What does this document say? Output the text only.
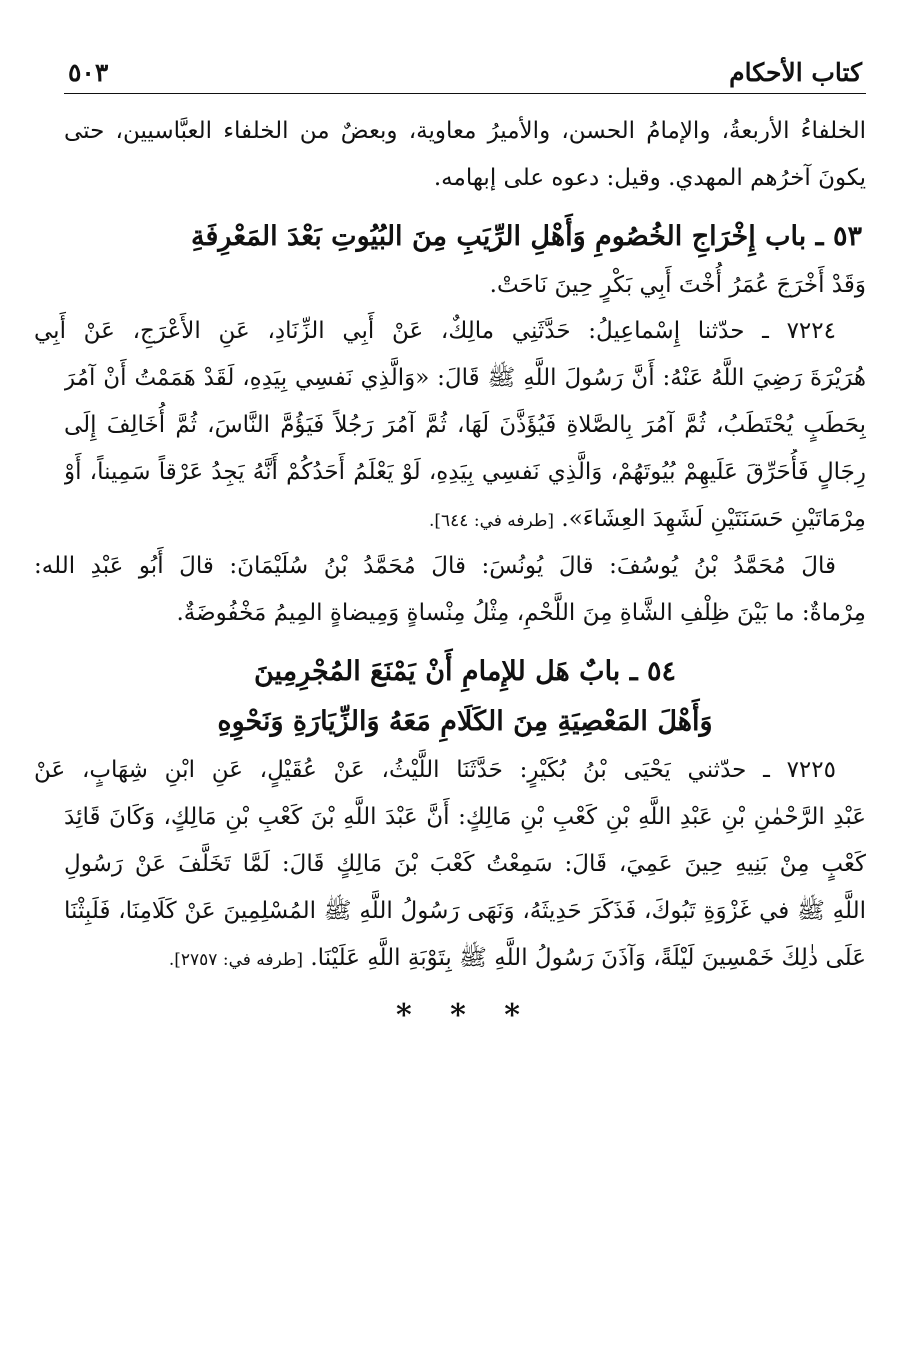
كتاب الأحكام
٥٠٣
الخلفاءُ الأربعةُ، والإمامُ الحسن، والأميرُ معاوية، وبعضٌ من الخلفاء العبَّاسيين، حتى
يكونَ آخرُهم المهدي. وقيل: دعوه على إبهامه.
٥٣ ـ باب إِخْرَاجِ الخُصُومِ وَأَهْلِ الرِّيَبِ مِنَ البُيُوتِ بَعْدَ المَعْرِفَةِ
وَقَدْ أَخْرَجَ عُمَرُ أُخْتَ أَبِي بَكْرٍ حِينَ نَاحَتْ.
٧٢٢٤ ـ حدّثنا إِسْماعِيلُ: حَدَّثَنِي مالِكٌ، عَنْ أَبِي الزِّنَادِ، عَنِ الأَعْرَجِ، عَنْ أَبِي
هُرَيْرَةَ رَضِيَ اللَّهُ عَنْهُ: أَنَّ رَسُولَ اللَّهِ ﷺ قَالَ: «وَالَّذِي نَفسِي بِيَدِهِ، لَقَدْ هَمَمْتُ أَنْ آمُرَ
بِحَطَبٍ يُحْتَطَبُ، ثُمَّ آمُرَ بِالصَّلاةِ فَيُؤَذَّنَ لَهَا، ثُمَّ آمُرَ رَجُلاً فَيَؤُمَّ النَّاسَ، ثُمَّ أُخَالِفَ إِلَى
رِجَالٍ فَأُحَرِّقَ عَلَيهِمْ بُيُوتَهُمْ، وَالَّذِي نَفسِي بِيَدِهِ، لَوْ يَعْلَمُ أَحَدُكُمْ أَنَّهُ يَجِدُ عَرْقاً سَمِيناً، أَوْ
مِرْمَاتَيْنِ حَسَنَتَيْنِ لَشَهِدَ العِشَاءَ». [طرفه في: ٦٤٤].
قالَ مُحَمَّدُ بْنُ يُوسُفَ: قالَ يُونُسَ: قالَ مُحَمَّدُ بْنُ سُلَيْمَانَ: قالَ أَبُو عَبْدِ الله:
مِرْماةٌ: ما بَيْنَ ظِلْفِ الشَّاةِ مِنَ اللَّحْمِ، مِثْلُ مِنْساةٍ وَمِيضاةٍ المِيمُ مَخْفُوضَةٌ.
٥٤ ـ بابٌ هَل للإِمامِ أَنْ يَمْنَعَ المُجْرِمِينَ
وَأَهْلَ المَعْصِيَةِ مِنَ الكَلَامِ مَعَهُ وَالزِّيَارَةِ وَنَحْوِهِ
٧٢٢٥ ـ حدّثني يَحْيَى بْنُ بُكَيْرٍ: حَدَّثَنَا اللَّيْثُ، عَنْ عُقَيْلٍ، عَنِ ابْنِ شِهَابٍ، عَنْ
عَبْدِ الرَّحْمٰنِ بْنِ عَبْدِ اللَّهِ بْنِ كَعْبِ بْنِ مَالِكٍ: أَنَّ عَبْدَ اللَّهِ بْنَ كَعْبِ بْنِ مَالِكٍ، وَكَانَ قَائِدَ
كَعْبٍ مِنْ بَنِيهِ حِينَ عَمِيَ، قَالَ: سَمِعْتُ كَعْبَ بْنَ مَالِكٍ قَالَ: لَمَّا تَخَلَّفَ عَنْ رَسُولِ
اللَّهِ ﷺ في غَزْوَةِ تَبُوكَ، فَذَكَرَ حَدِيثَهُ، وَنَهَى رَسُولُ اللَّهِ ﷺ المُسْلِمِينَ عَنْ كَلَامِنَا، فَلَبِثْنَا
عَلَى ذٰلِكَ خَمْسِينَ لَيْلَةً، وَآذَنَ رَسُولُ اللَّهِ ﷺ بِتَوْبَةِ اللَّهِ عَلَيْنَا. [طرفه في: ٢٧٥٧].
* * *
